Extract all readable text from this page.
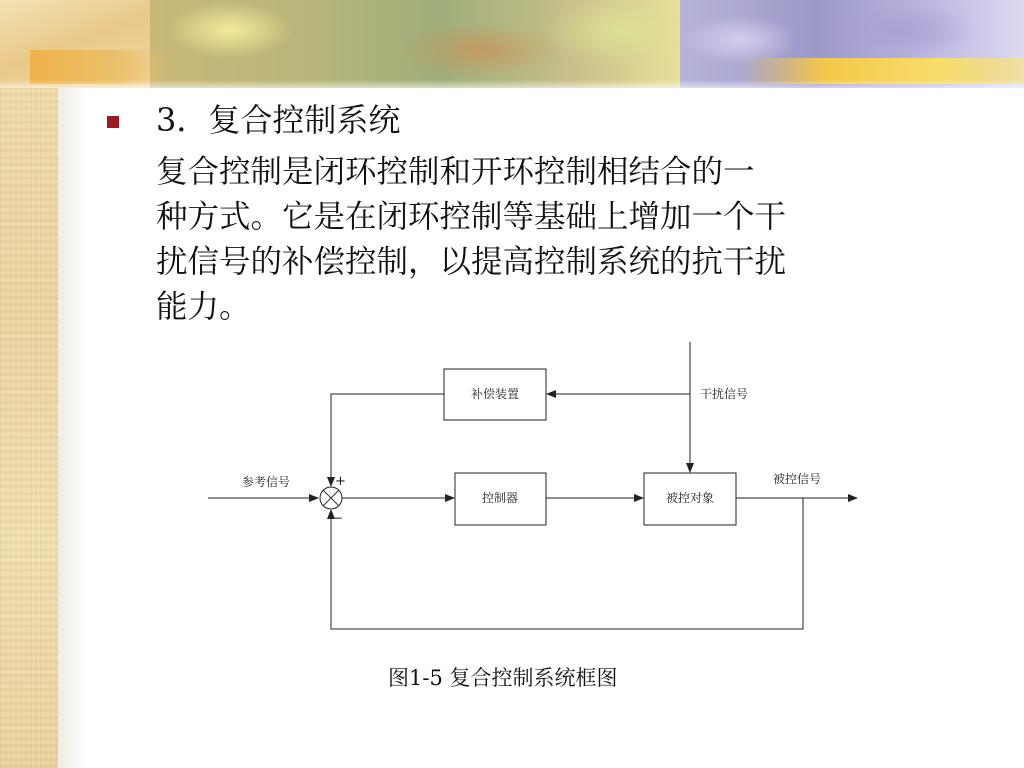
3．复合控制系统
复合控制是闭环控制和开环控制相结合的一
种方式。它是在闭环控制等基础上增加一个干
扰信号的补偿控制，以提高控制系统的抗干扰
能力。
补偿装置
控制器	被控对象
参考信号
干扰信号
被控信号
+
−
图1-5 复合控制系统框图
